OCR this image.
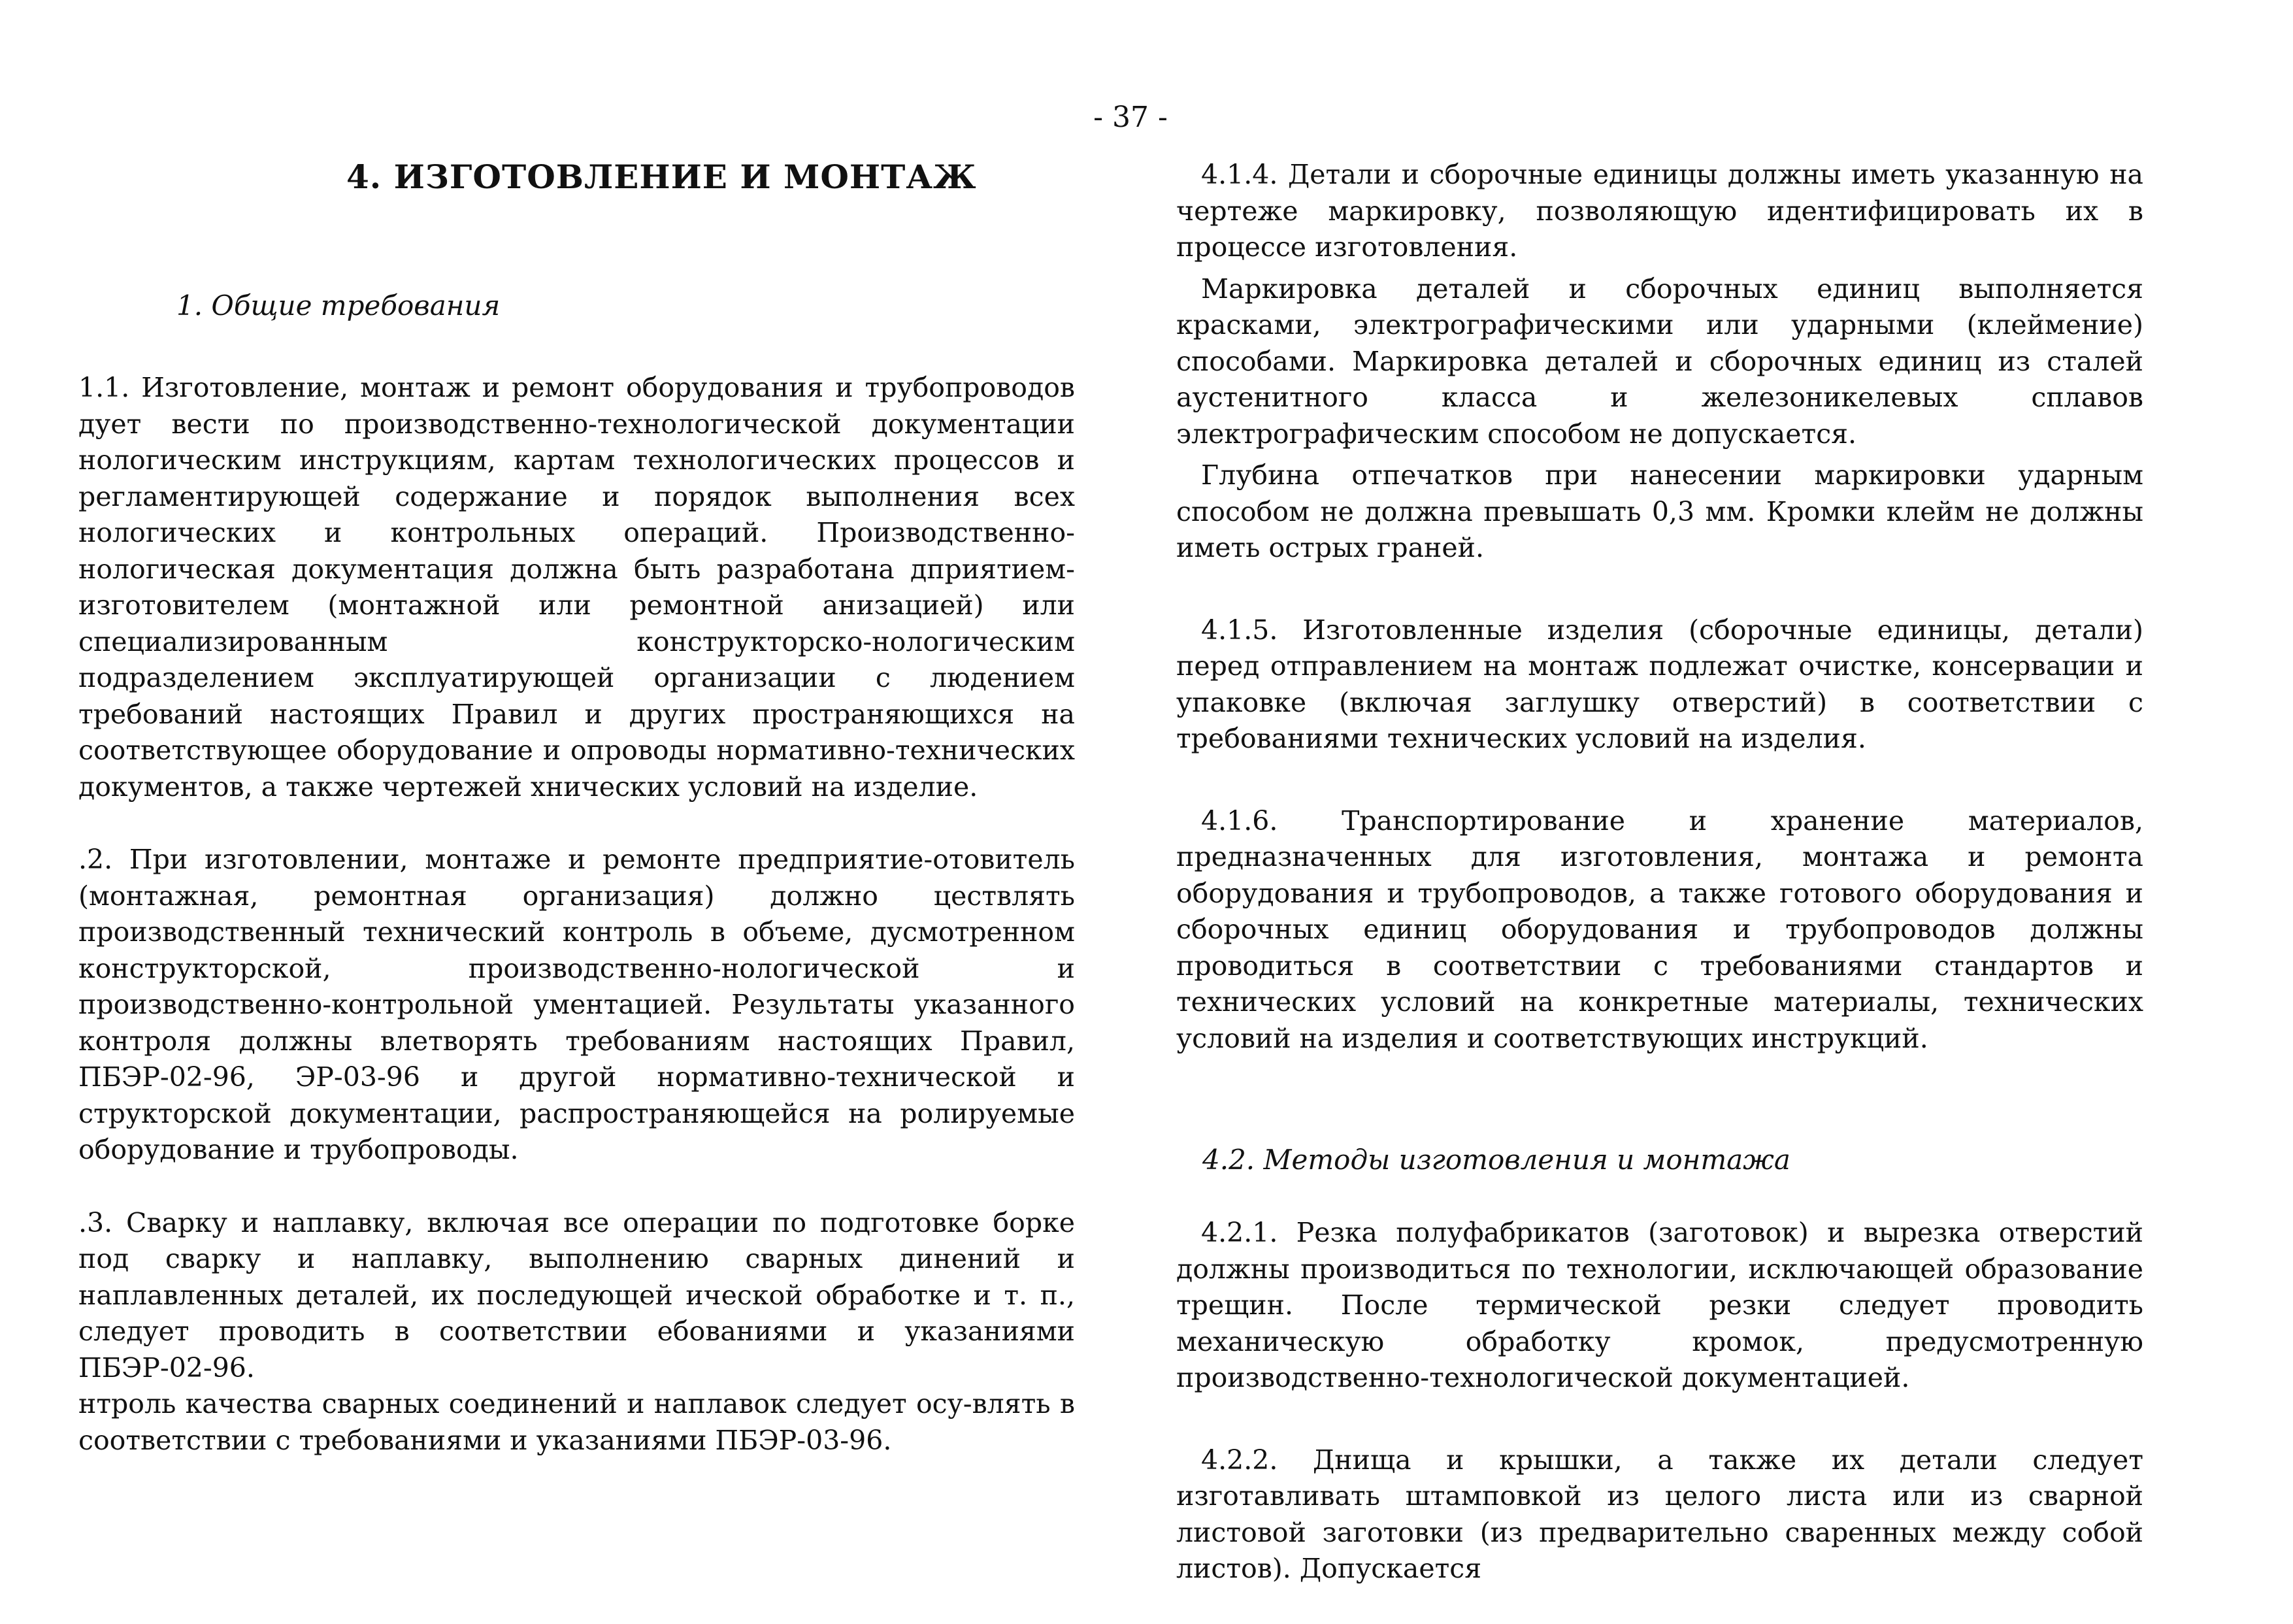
- 37 -
4. ИЗГОТОВЛЕНИЕ И МОНТАЖ
1. Общие требования

1.1. Изготовление, монтаж и ремонт оборудования и трубопроводов дует вести по производственно-технологической документации нологическим инструкциям, картам технологических процессов и регламентирующей содержание и порядок выполнения всех нологических и контрольных операций. Производственно-нологическая документация должна быть разработана дприятием-изготовителем (монтажной или ремонтной анизацией) или специализированным конструкторско-нологическим подразделением эксплуатирующей организации с людением требований настоящих Правил и других пространяющихся на соответствующее оборудование и опроводы нормативно-технических документов, а также чертежей хнических условий на изделие.

.2. При изготовлении, монтаже и ремонте предприятие-отовитель (монтажная, ремонтная организация) должно цествлять производственный технический контроль в объеме, дусмотренном конструкторской, производственно-нологической и производственно-контрольной ументацией. Результаты указанного контроля должны влетворять требованиям настоящих Правил, ПБЭР-02-96, ЭР-03-96 и другой нормативно-технической и структорской документации, распространяющейся на ролируемые оборудование и трубопроводы.

.3. Сварку и наплавку, включая все операции по подготовке борке под сварку и наплавку, выполнению сварных динений и наплавленных деталей, их последующей ической обработке и т. п., следует проводить в соответствии ебованиями и указаниями ПБЭР-02-96.

нтроль качества сварных соединений и наплавок следует осу-влять в соответствии с требованиями и указаниями ПБЭР-03-96.

4.1.4. Детали и сборочные единицы должны иметь указанную на чертеже маркировку, позволяющую идентифицировать их в процессе изготовления.

Маркировка деталей и сборочных единиц выполняется красками, электрографическими или ударными (клеймение) способами. Маркировка деталей и сборочных единиц из сталей аустенитного класса и железоникелевых сплавов электрографическим способом не допускается.

Глубина отпечатков при нанесении маркировки ударным способом не должна превышать 0,3 мм. Кромки клейм не должны иметь острых граней.

4.1.5. Изготовленные изделия (сборочные единицы, детали) перед отправлением на монтаж подлежат очистке, консервации и упаковке (включая заглушку отверстий) в соответствии с требованиями технических условий на изделия.

4.1.6. Транспортирование и хранение материалов, предназначенных для изготовления, монтажа и ремонта оборудования и трубопроводов, а также готового оборудования и сборочных единиц оборудования и трубопроводов должны проводиться в соответствии с требованиями стандартов и технических условий на конкретные материалы, технических условий на изделия и соответствующих инструкций.

4.2. Методы изготовления и монтажа

4.2.1. Резка полуфабрикатов (заготовок) и вырезка отверстий должны производиться по технологии, исключающей образование трещин. После термической резки следует проводить механическую обработку кромок, предусмотренную производственно-технологической документацией.

4.2.2. Днища и крышки, а также их детали следует изготавливать штамповкой из целого листа или из сварной листовой заготовки (из предварительно сваренных между собой листов). Допускается
